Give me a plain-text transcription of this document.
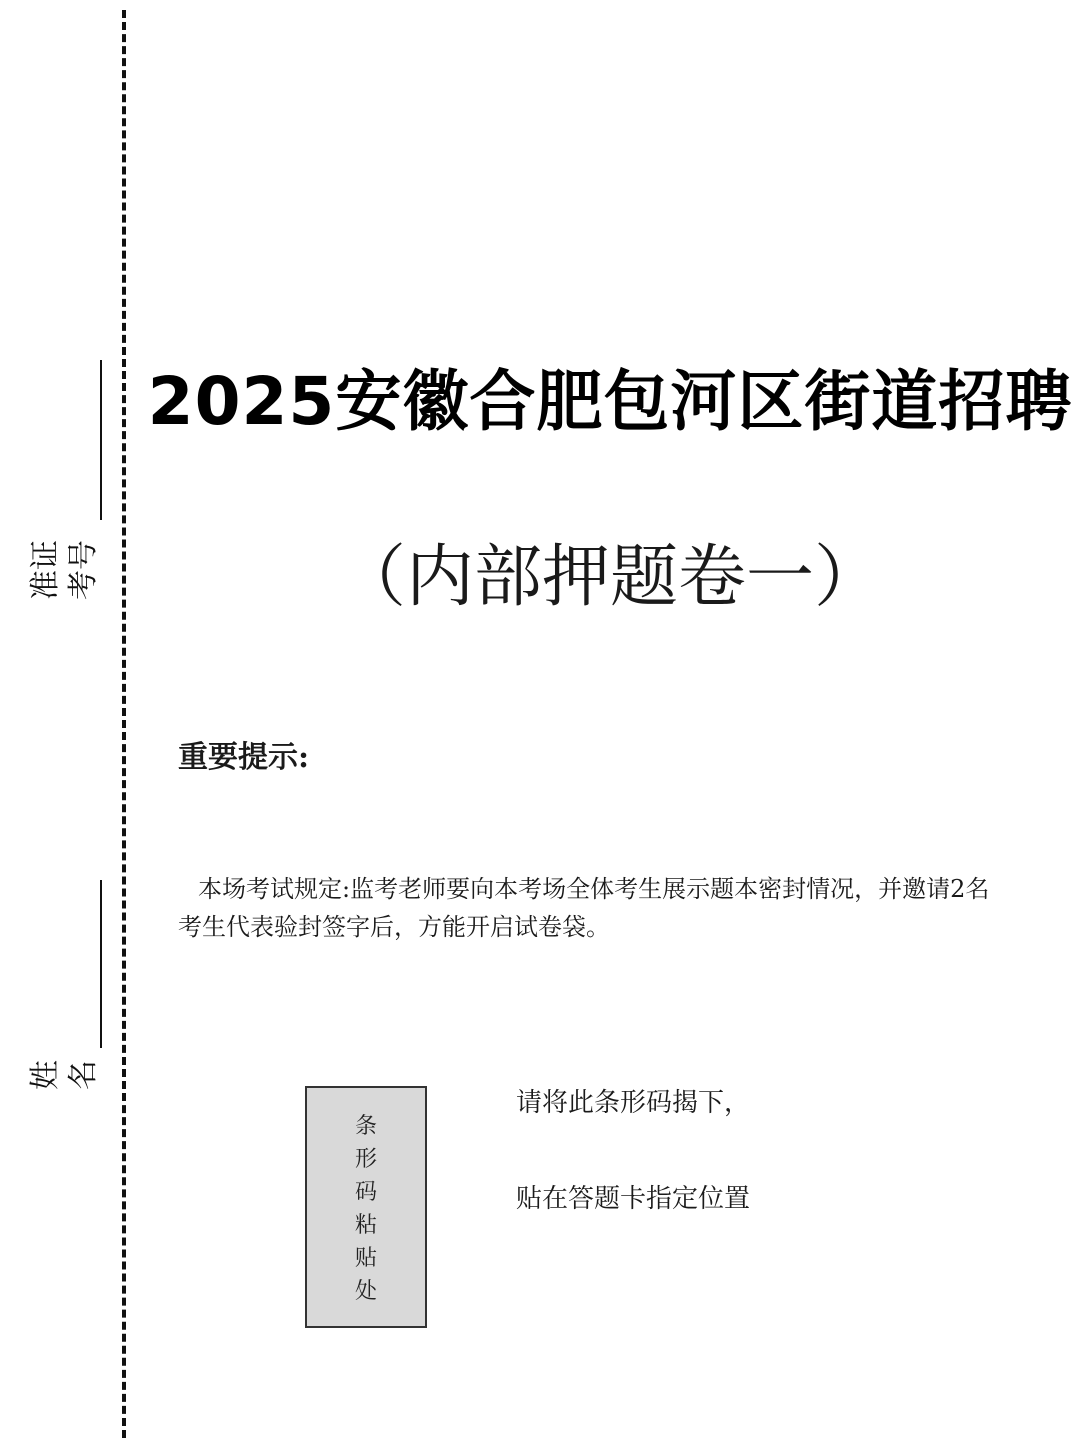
准证 考号
姓 名
2025安徽合肥包河区街道招聘
（内部押题卷一）
重要提示:
本场考试规定:监考老师要向本考场全体考生展示题本密封情况，并邀请2名
考生代表验封签字后，方能开启试卷袋。
条
形
码
粘
贴
处
请将此条形码揭下，
贴在答题卡指定位置
